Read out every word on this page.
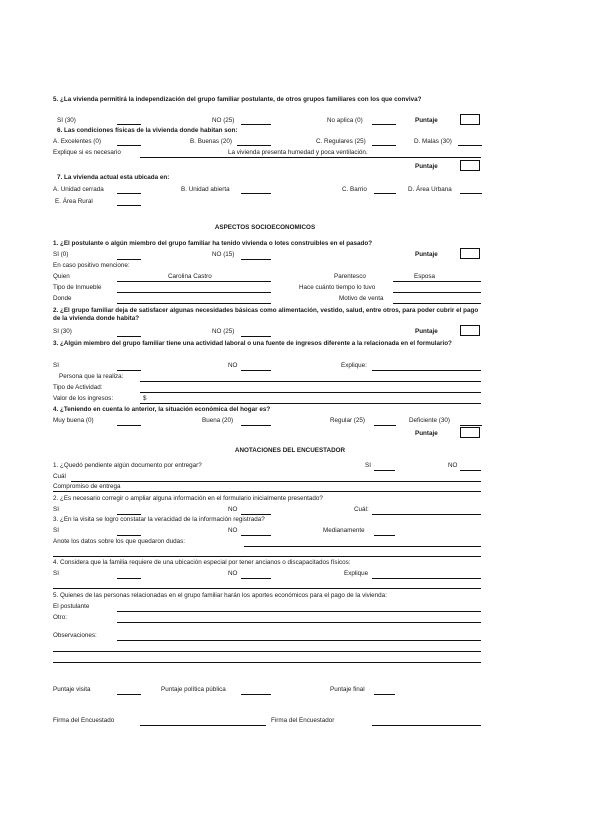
5. ¿La vivienda permitirá la independización del grupo familiar postulante, de otros grupos familiares con los que conviva?
SI (30)	NO (25)	No aplica (0)	Puntaje
6. Las condiciones físicas de la vivienda donde habitan son:
A. Excelentes (0)	B. Buenas (20)	C. Regulares (25)	D. Malas (30)
Explique si es necesario	La vivienda presenta humedad y poca ventilación.
Puntaje
7. La vivienda actual esta ubicada en:
A. Unidad cerrada	B. Unidad abierta	C. Barrio	D. Área Urbana
E. Área Rural
ASPECTOS SOCIOECONOMICOS
1. ¿El postulante o algún miembro del grupo familiar ha tenido vivienda o lotes construibles en el pasado?
SI (0)	NO (15)	Puntaje
En caso positivo mencione:
Quien	Carolina Castro	Parentesco	Esposa
Tipo de Inmueble	Hace cuánto tiempo lo tuvo
Donde	Motivo de venta
2. ¿El grupo familiar deja de satisfacer algunas necesidades básicas como alimentación, vestido, salud, entre otros, para poder cubrir el pago de la vivienda donde habita?
SI (30)	NO (25)	Puntaje
3. ¿Algún miembro del grupo familiar tiene una actividad laboral o una fuente de ingresos diferente a la relacionada en el formulario?
SI	NO	Explique:
Persona que la realiza:
Tipo de Actividad:
Valor de los ingresos:	$
4. ¿Teniendo en cuenta lo anterior, la situación económica del hogar es?
Muy buena (0)	Buena (20)	Regular (25)	Deficiente (30)
Puntaje
ANOTACIONES DEL ENCUESTADOR
1. ¿Quedó pendiente algún documento por entregar?	SI	NO
Cuál
Compromiso de entrega
2. ¿Es necesario corregir o ampliar alguna información en el formulario inicialmente presentado?
SI	NO	Cuál:
3. ¿En la visita se logro constatar la veracidad de la información registrada?
SI	NO	Medianamente
Anote los datos sobre los que quedaron dudas:
4. Considera que la familia requiere de una ubicación especial por tener ancianos o discapacitados físicos:
SI	NO	Explique
5. Quienes de las personas relacionadas en el grupo familiar harán los aportes económicos para el pago de la vivienda:
El postulante
Otro:
Observaciones:
Puntaje visita	Puntaje política pública	Puntaje final
Firma del Encuestado	Firma del Encuestador
